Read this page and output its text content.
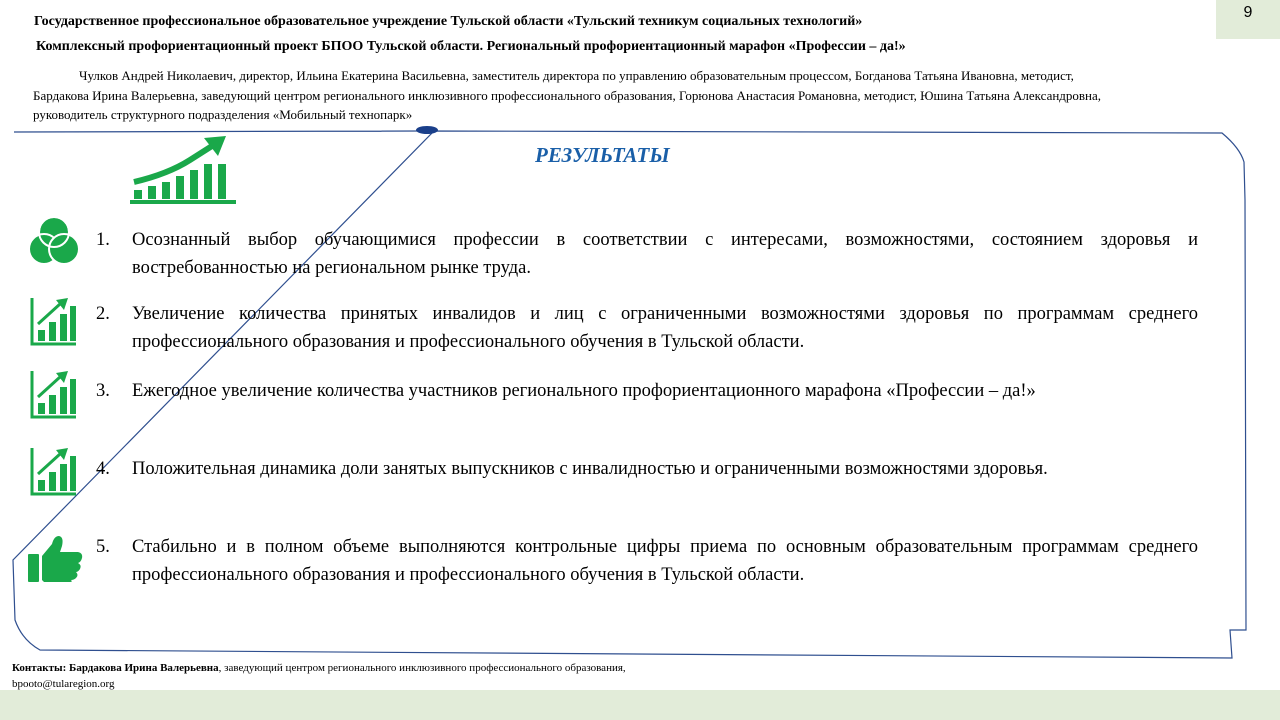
9
Государственное профессиональное образовательное учреждение Тульской области «Тульский техникум социальных технологий»
Комплексный профориентационный проект БПОО Тульской области. Региональный профориентационный марафон «Профессии – да!»
Чулков Андрей Николаевич, директор, Ильина Екатерина Васильевна, заместитель директора по управлению образовательным процессом, Богданова Татьяна Ивановна, методист, Бардакова Ирина Валерьевна, заведующий центром регионального инклюзивного профессионального образования, Горюнова Анастасия Романовна, методист, Юшина Татьяна Александровна, руководитель структурного подразделения «Мобильный технопарк»
РЕЗУЛЬТАТЫ
1. Осознанный выбор обучающимися профессии в соответствии с интересами, возможностями, состоянием здоровья и востребованностью на региональном рынке труда.
2. Увеличение количества принятых инвалидов и лиц с ограниченными возможностями здоровья по программам среднего профессионального образования и профессионального обучения в Тульской области.
3. Ежегодное увеличение количества участников регионального профориентационного марафона «Профессии – да!»
4. Положительная динамика доли занятых выпускников с инвалидностью и ограниченными возможностями здоровья.
5. Стабильно и в полном объеме выполняются контрольные цифры приема по основным образовательным программам среднего профессионального образования и профессионального обучения в Тульской области.
Контакты: Бардакова Ирина Валерьевна, заведующий центром регионального инклюзивного профессионального образования,
bpooto@tularegion.org
